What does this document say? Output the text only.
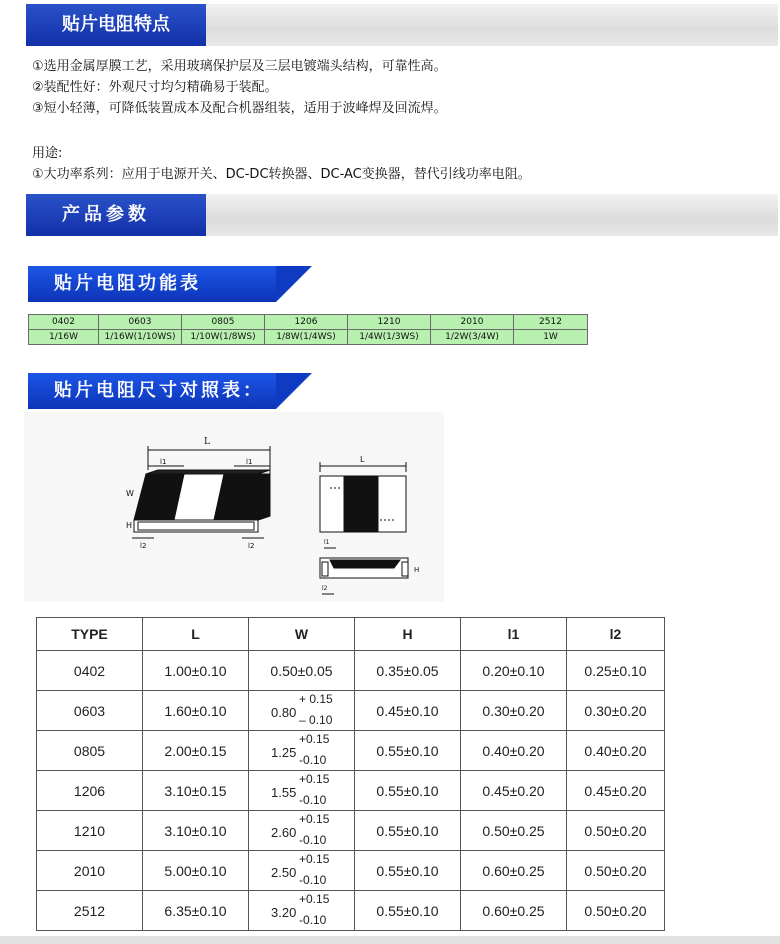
贴片电阻特点
①选用金属厚膜工艺，采用玻璃保护层及三层电镀端头结构，可靠性高。
②装配性好：外观尺寸均匀精确易于装配。
③短小轻薄，可降低装置成本及配合机器组装，适用于波峰焊及回流焊。
用途:
①大功率系列：应用于电源开关、DC-DC转换器、DC-AC变换器，替代引线功率电阻。
产品参数
贴片电阻功能表
0402	0603	0805	1206	1210	2010	2512
1/16W	1/16W(1/10WS)	1/10W(1/8WS)	1/8W(1/4WS)	1/4W(1/3WS)	1/2W(3/4W)	1W
贴片电阻尺寸对照表：
L
l1	l1
W
H
l2	l2
L
l1
H
l2
TYPE	L	W	H	l1	l2
0402	1.00±0.10	0.50±0.05	0.35±0.05	0.20±0.10	0.25±0.10
0603	1.60±0.10	0.80
+ 0.15
– 0.10	0.45±0.10	0.30±0.20	0.30±0.20
0805	2.00±0.15	1.25
+0.15
-0.10	0.55±0.10	0.40±0.20	0.40±0.20
1206	3.10±0.15	1.55
+0.15
-0.10	0.55±0.10	0.45±0.20	0.45±0.20
1210	3.10±0.10	2.60
+0.15
-0.10	0.55±0.10	0.50±0.25	0.50±0.20
2010	5.00±0.10	2.50
+0.15
-0.10	0.55±0.10	0.60±0.25	0.50±0.20
2512	6.35±0.10	3.20
+0.15
-0.10	0.55±0.10	0.60±0.25	0.50±0.20
